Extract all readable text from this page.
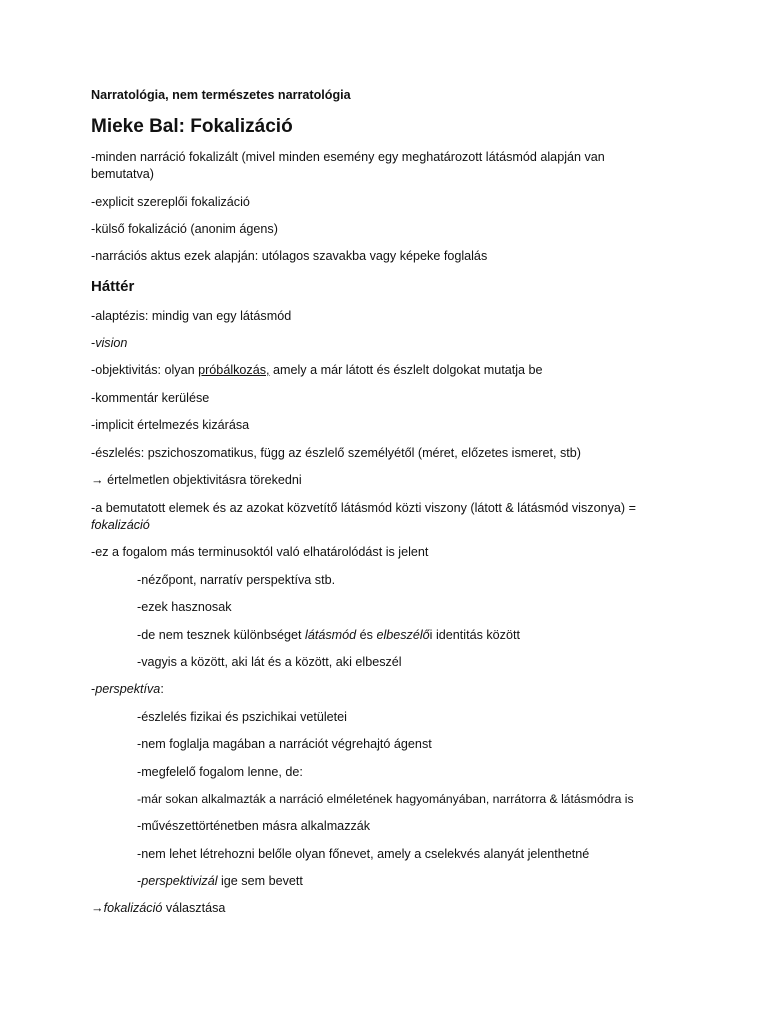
Narratológia, nem természetes narratológia
Mieke Bal: Fokalizáció
-minden narráció fokalizált (mivel minden esemény egy meghatározott látásmód alapján van bemutatva)
-explicit szereplői fokalizáció
-külső fokalizáció (anonim ágens)
-narrációs aktus ezek alapján: utólagos szavakba vagy képeke foglalás
Háttér
-alaptézis: mindig van egy látásmód
-vision
-objektivitás: olyan próbálkozás, amely a már látott és észlelt dolgokat mutatja be
-kommentár kerülése
-implicit értelmezés kizárása
-észlelés: pszichoszomatikus, függ az észlelő személyétől (méret, előzetes ismeret, stb)
→ értelmetlen objektivitásra törekedni
-a bemutatott elemek és az azokat közvetítő látásmód közti viszony (látott & látásmód viszonya) = fokalizáció
-ez a fogalom más terminusoktól való elhatárolódást is jelent
-nézőpont, narratív perspektíva stb.
-ezek hasznosak
-de nem tesznek különbséget látásmód és elbeszélői identitás között
-vagyis a között, aki lát és a között, aki elbeszél
-perspektíva:
-észlelés fizikai és pszichikai vetületei
-nem foglalja magában a narrációt végrehajtó ágenst
-megfelelő fogalom lenne, de:
-már sokan alkalmazták a narráció elméletének hagyományában, narrátorra & látásmódra is
-művészettörténetben másra alkalmazzák
-nem lehet létrehozni belőle olyan főnevet, amely a cselekvés alanyát jelenthetné
-perspektivizál ige sem bevett
→fokalizáció választása
